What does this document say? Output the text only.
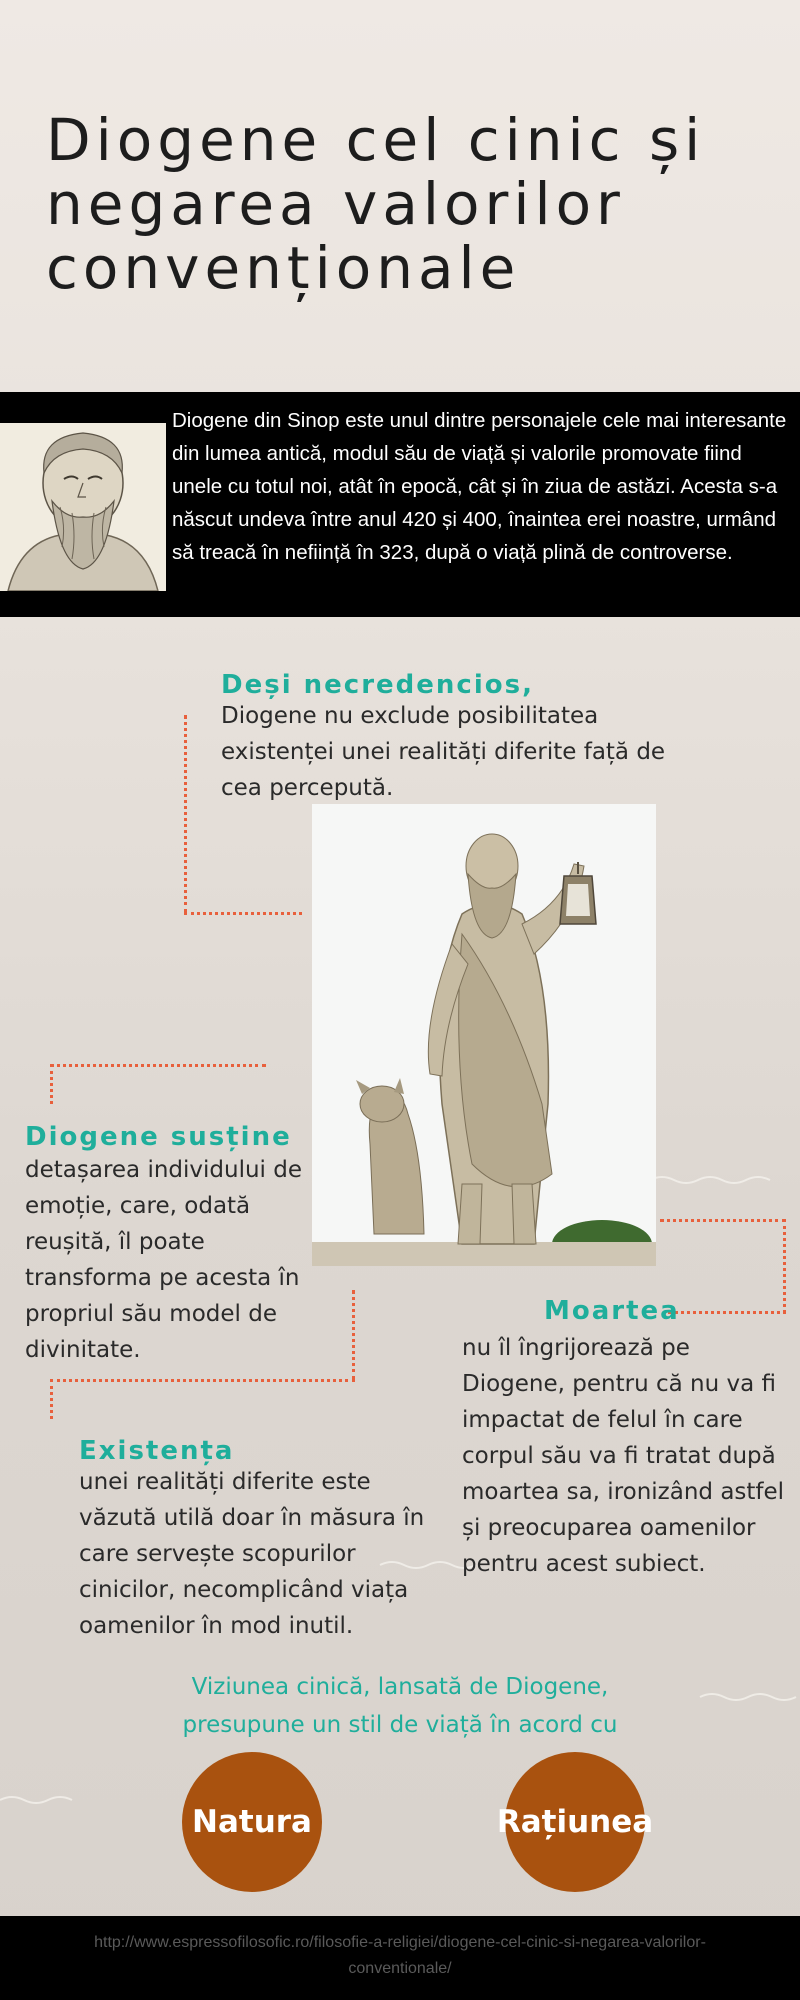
Diogene cel cinic și negarea valorilor convenționale
Diogene din Sinop este unul dintre personajele cele mai interesante din lumea antică, modul său de viață și valorile promovate fiind unele cu totul noi, atât în epocă, cât și în ziua de astăzi. Acesta s-a născut undeva între anul 420 și 400, înaintea erei noastre, urmând să treacă în neființă în 323, după o viață plină de controverse.
Deși necredencios,
Diogene nu exclude posibilitatea existenței unei realități diferite față de cea percepută.
Diogene susține
detașarea individului de emoție, care, odată reușită, îl poate transforma pe acesta în propriul său model de divinitate.
Moartea
nu îl îngrijorează pe Diogene, pentru că nu va fi impactat de felul în care corpul său va fi tratat după moartea sa, ironizând astfel și preocuparea oamenilor pentru acest subiect.
Existența
unei realități diferite este văzută utilă doar în măsura în care servește scopurilor cinicilor, necomplicând viața oamenilor în mod inutil.
Viziunea cinică, lansată de Diogene, presupune un stil de viață în acord cu
Natura	Rațiunea
http://www.espressofilosofic.ro/filosofie-a-religiei/diogene-cel-cinic-si-negarea-valorilor-conventionale/
